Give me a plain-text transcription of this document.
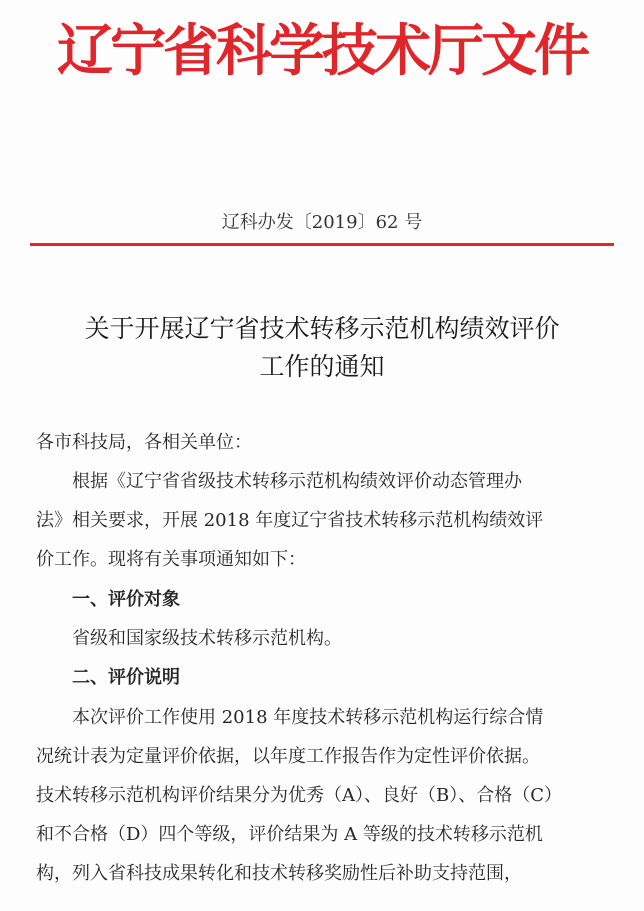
辽宁省科学技术厅文件
辽科办发〔2019〕62 号
关于开展辽宁省技术转移示范机构绩效评价
工作的通知
各市科技局，各相关单位：
根据《辽宁省省级技术转移示范机构绩效评价动态管理办
法》相关要求，开展 2018 年度辽宁省技术转移示范机构绩效评
价工作。现将有关事项通知如下：
一、评价对象
省级和国家级技术转移示范机构。
二、评价说明
本次评价工作使用 2018 年度技术转移示范机构运行综合情
况统计表为定量评价依据，以年度工作报告作为定性评价依据。
技术转移示范机构评价结果分为优秀（A）、良好（B）、合格（C）
和不合格（D）四个等级，评价结果为 A 等级的技术转移示范机
构，列入省科技成果转化和技术转移奖励性后补助支持范围，
